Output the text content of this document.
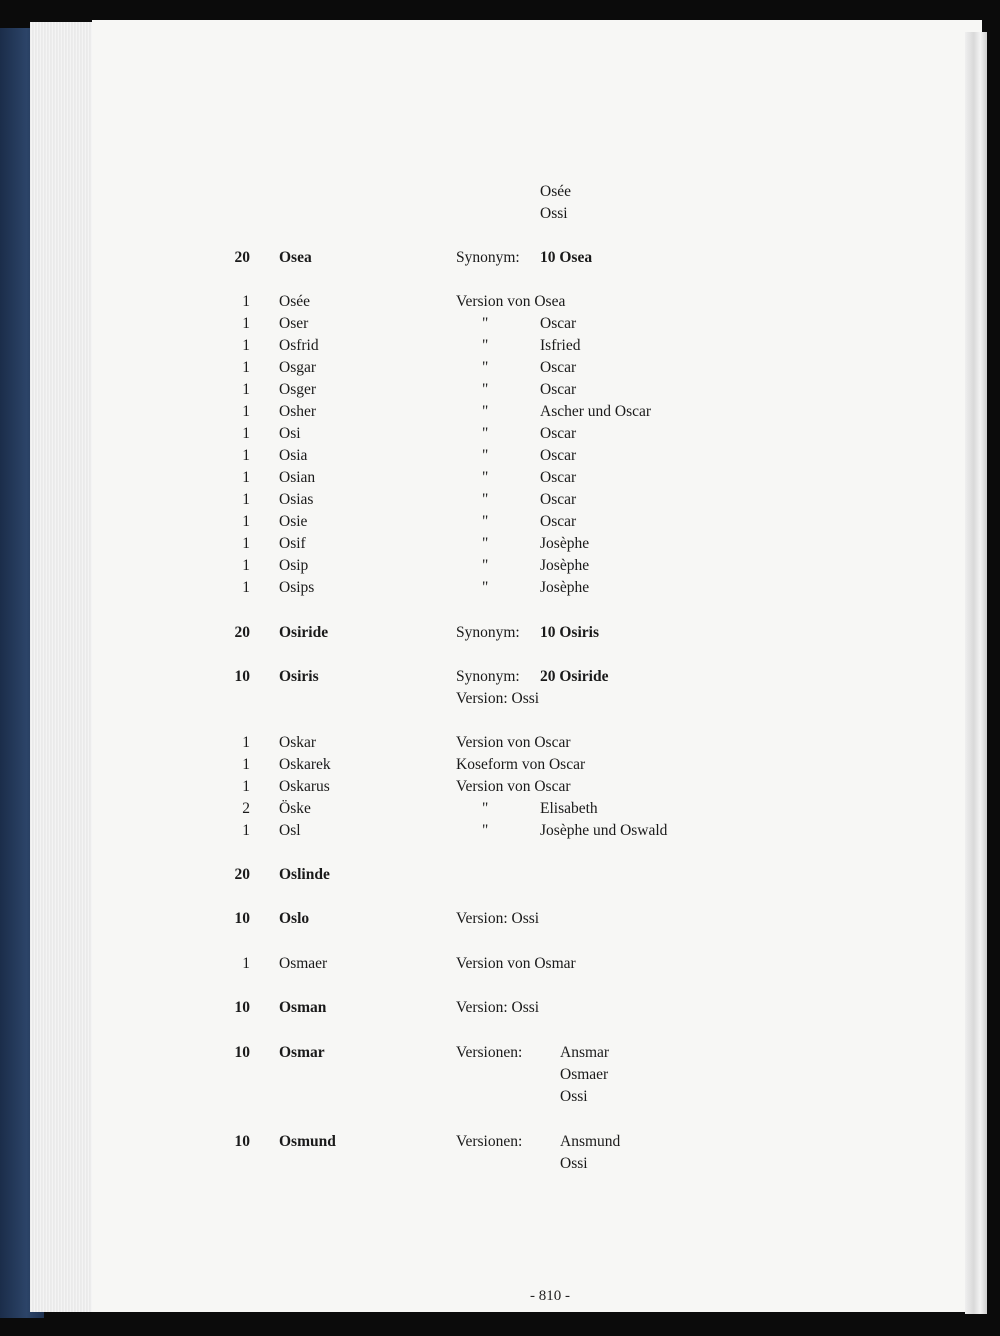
Osée
Ossi
20 Osea	Synonym: 10 Osea
1 Osée	Version von Osea
1 Oser	"	Oscar
1 Osfrid	"	Isfried
1 Osgar	"	Oscar
1 Osger	"	Oscar
1 Osher	"	Ascher und Oscar
1 Osi	"	Oscar
1 Osia	"	Oscar
1 Osian	"	Oscar
1 Osias	"	Oscar
1 Osie	"	Oscar
1 Osif	"	Josèphe
1 Osip	"	Josèphe
1 Osips	"	Josèphe
20 Osiride	Synonym: 10 Osiris
10 Osiris	Synonym: 20 Osiride
Version: Ossi
1 Oskar	Version von Oscar
1 Oskarek	Koseform von Oscar
1 Oskarus	Version von Oscar
2 Öske	"	Elisabeth
1 Osl	"	Josèphe und Oswald
20 Oslinde
10 Oslo	Version: Ossi
1 Osmaer	Version von Osmar
10 Osman	Version: Ossi
10 Osmar	Versionen: Ansmar
Osmaer
Ossi
10 Osmund	Versionen: Ansmund
Ossi
- 810 -
